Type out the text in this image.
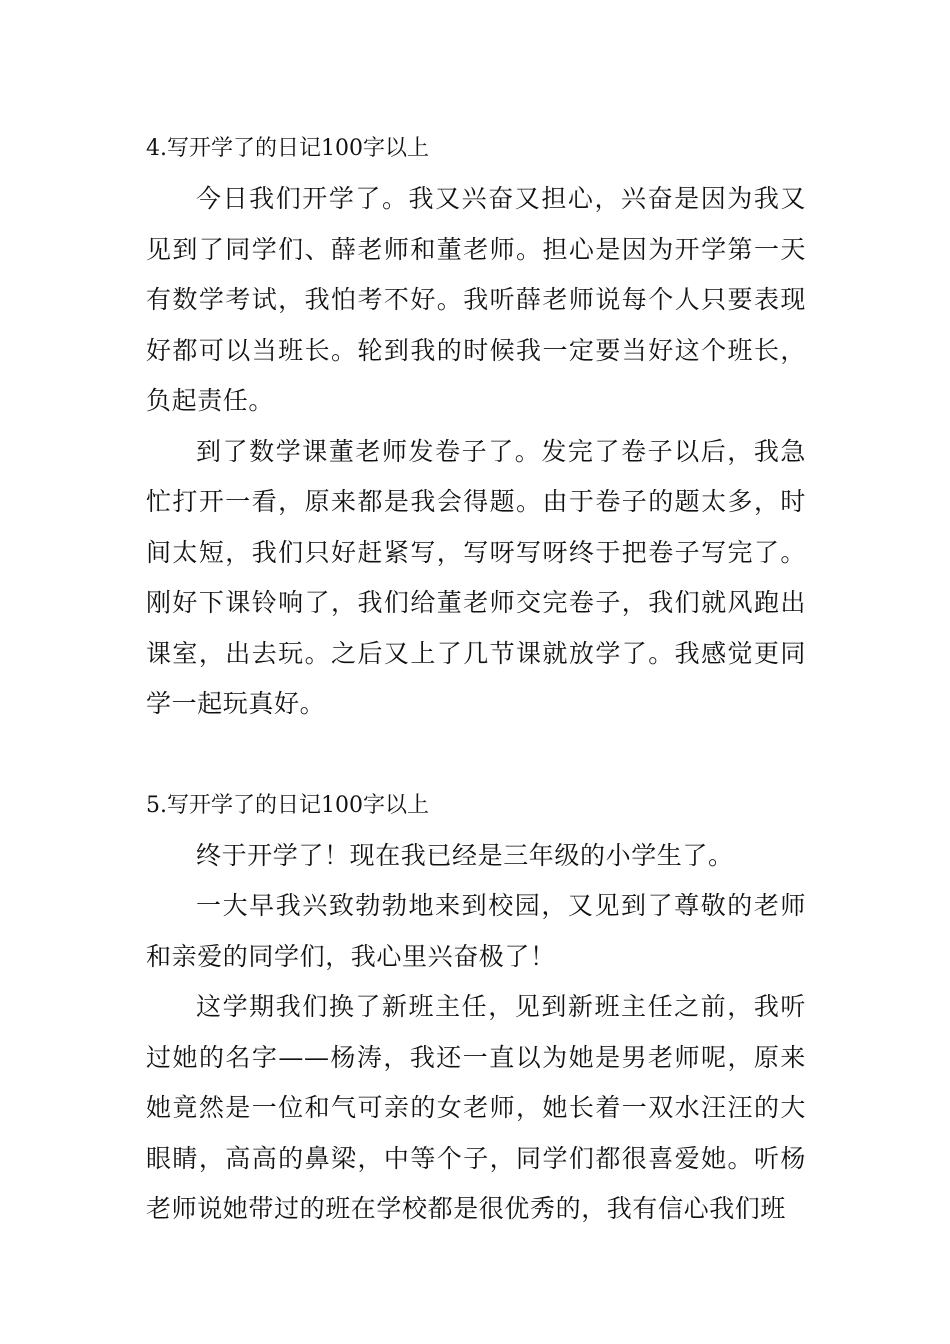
4.写开学了的日记100字以上

今日我们开学了。我又兴奋又担心，兴奋是因为我又见到了同学们、薛老师和董老师。担心是因为开学第一天有数学考试，我怕考不好。我听薛老师说每个人只要表现好都可以当班长。轮到我的时候我一定要当好这个班长，负起责任。

到了数学课董老师发卷子了。发完了卷子以后，我急忙打开一看，原来都是我会得题。由于卷子的题太多，时间太短，我们只好赶紧写，写呀写呀终于把卷子写完了。刚好下课铃响了，我们给董老师交完卷子，我们就风跑出课室，出去玩。之后又上了几节课就放学了。我感觉更同学一起玩真好。

5.写开学了的日记100字以上

终于开学了！现在我已经是三年级的小学生了。

一大早我兴致勃勃地来到校园，又见到了尊敬的老师和亲爱的同学们，我心里兴奋极了！

这学期我们换了新班主任，见到新班主任之前，我听过她的名字——杨涛，我还一直以为她是男老师呢，原来她竟然是一位和气可亲的女老师，她长着一双水汪汪的大眼睛，高高的鼻梁，中等个子，同学们都很喜爱她。听杨老师说她带过的班在学校都是很优秀的，我有信心我们班
